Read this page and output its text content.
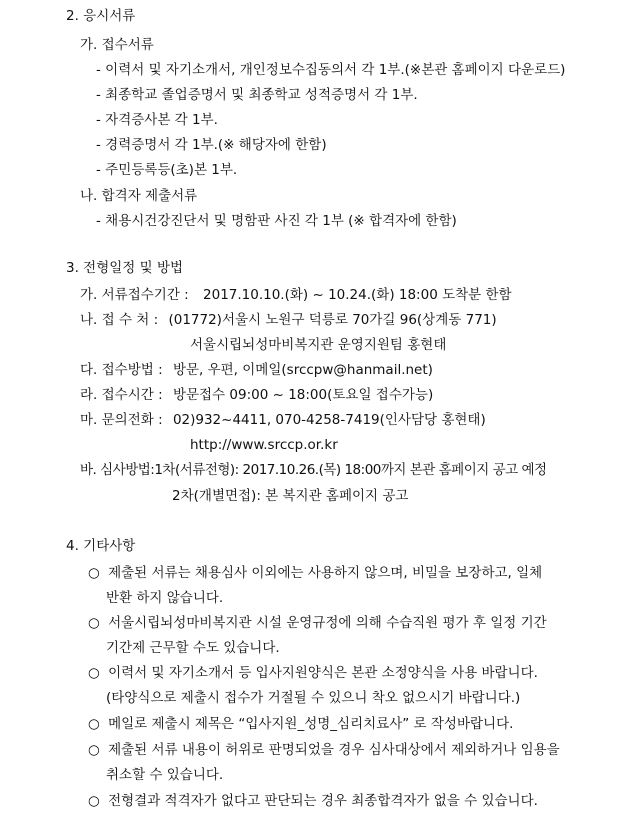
2. 응시서류
가. 접수서류
- 이력서 및 자기소개서, 개인정보수집동의서 각 1부.(※본관 홈페이지 다운로드)
- 최종학교 졸업증명서 및 최종학교 성적증명서 각 1부.
- 자격증사본 각 1부.
- 경력증명서 각 1부.(※ 해당자에 한함)
- 주민등록등(초)본 1부.
나. 합격자 제출서류
- 채용시건강진단서 및 명함판 사진 각 1부 (※ 합격자에 한함)
3. 전형일정 및 방법
가. 서류접수기간 : 2017.10.10.(화) ~ 10.24.(화) 18:00 도착분 한함
나. 접 수 처 : (01772)서울시 노원구 덕릉로 70가길 96(상계동 771)
서울시립뇌성마비복지관 운영지원팀 홍현태
다. 접수방법 : 방문, 우편, 이메일(srccpw@hanmail.net)
라. 접수시간 : 방문접수 09:00 ~ 18:00(토요일 접수가능)
마. 문의전화 : 02)932~4411, 070-4258-7419(인사담당 홍현태)
http://www.srccp.or.kr
바. 심사방법:1차(서류전형): 2017.10.26.(목) 18:00까지 본관 홈페이지 공고 예정
2차(개별면접): 본 복지관 홈페이지 공고
4. 기타사항
○ 제출된 서류는 채용심사 이외에는 사용하지 않으며, 비밀을 보장하고, 일체
반환 하지 않습니다.
○ 서울시립뇌성마비복지관 시설 운영규정에 의해 수습직원 평가 후 일정 기간
기간제 근무할 수도 있습니다.
○ 이력서 및 자기소개서 등 입사지원양식은 본관 소정양식을 사용 바랍니다.
(타양식으로 제출시 접수가 거절될 수 있으니 착오 없으시기 바랍니다.)
○ 메일로 제출시 제목은 “입사지원_성명_심리치료사” 로 작성바랍니다.
○ 제출된 서류 내용이 허위로 판명되었을 경우 심사대상에서 제외하거나 임용을
취소할 수 있습니다.
○ 전형결과 적격자가 없다고 판단되는 경우 최종합격자가 없을 수 있습니다.
